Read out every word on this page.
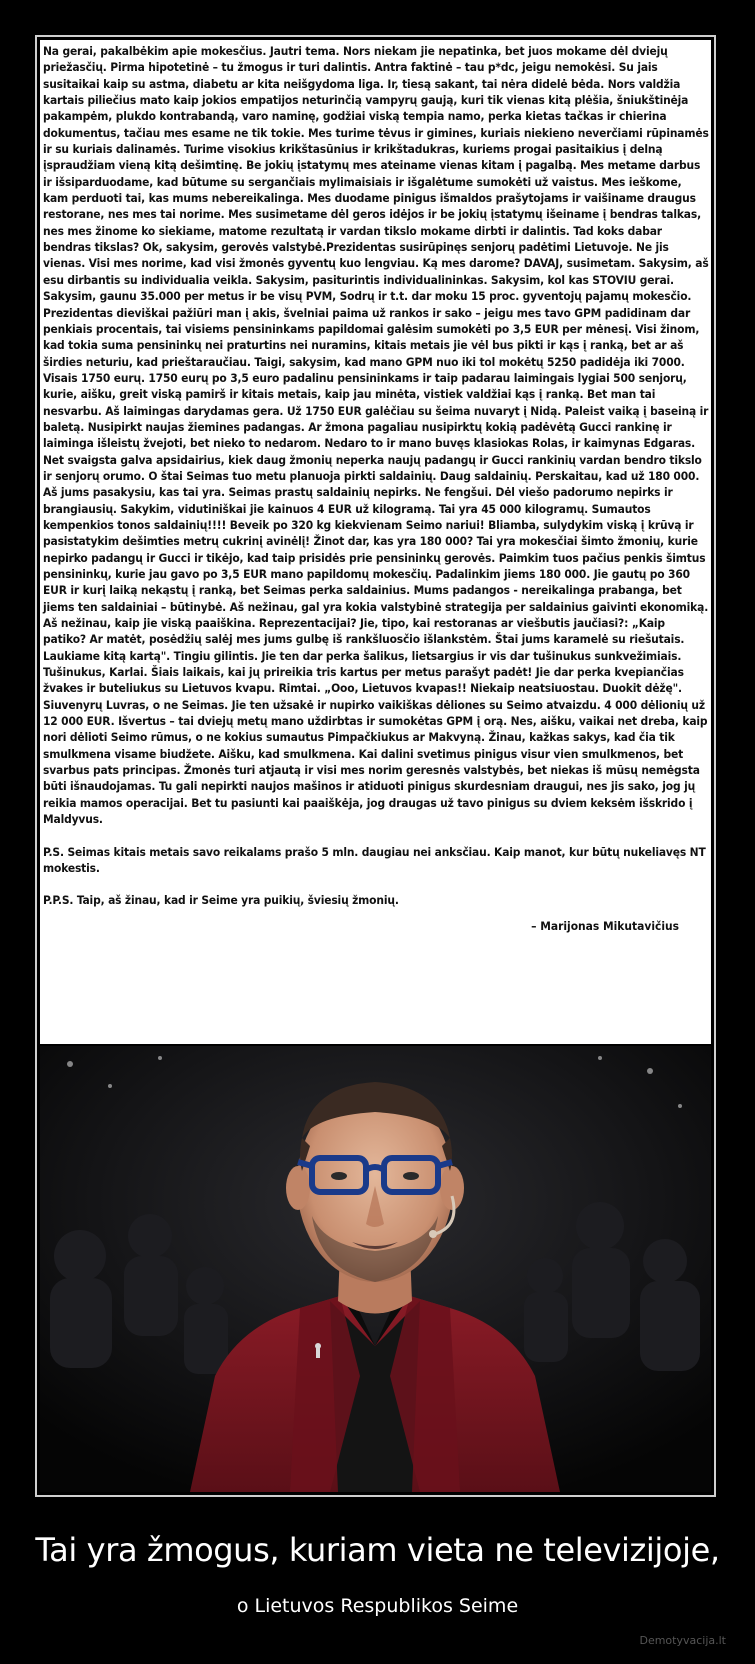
Na gerai, pakalbėkim apie mokesčius. Jautri tema. Nors niekam jie nepatinka, bet juos mokame dėl dviejų priežasčių. Pirma hipotetinė – tu žmogus ir turi dalintis. Antra faktinė – tau p*dc, jeigu nemokėsi. Su jais susitaikai kaip su astma, diabetu ar kita neišgydoma liga. Ir, tiesą sakant, tai nėra didelė bėda. Nors valdžia kartais piliečius mato kaip jokios empatijos neturinčią vampyrų gaują, kuri tik vienas kitą plėšia, šniukštinėja pakampėm, plukdo kontrabandą, varo naminę, godžiai viską tempia namo, perka kietas tačkas ir chierina dokumentus, tačiau mes esame ne tik tokie. Mes turime tėvus ir gimines, kuriais niekieno neverčiami rūpinamės ir su kuriais dalinamės. Turime visokius krikštasūnius ir krikštadukras, kuriems progai pasitaikius į delną įspraudžiam vieną kitą dešimtinę. Be jokių įstatymų mes ateiname vienas kitam į pagalbą. Mes metame darbus ir išsiparduodame, kad būtume su sergančiais mylimaisiais ir išgalėtume sumokėti už vaistus. Mes ieškome, kam perduoti tai, kas mums nebereikalinga. Mes duodame pinigus išmaldos prašytojams ir vaišiname draugus restorane, nes mes tai norime. Mes susimetame dėl geros idėjos ir be jokių įstatymų išeiname į bendras talkas, nes mes žinome ko siekiame, matome rezultatą ir vardan tikslo mokame dirbti ir dalintis. Tad koks dabar bendras tikslas? Ok, sakysim, gerovės valstybė.Prezidentas susirūpinęs senjorų padėtimi Lietuvoje. Ne jis vienas. Visi mes norime, kad visi žmonės gyventų kuo lengviau. Ką mes darome? DAVAJ, susimetam. Sakysim, aš esu dirbantis su individualia veikla. Sakysim, pasiturintis individualininkas. Sakysim, kol kas STOVIU gerai. Sakysim, gaunu 35.000 per metus ir be visų PVM, Sodrų ir t.t. dar moku 15 proc. gyventojų pajamų mokesčio. Prezidentas dieviškai pažiūri man į akis, švelniai paima už rankos ir sako – jeigu mes tavo GPM padidinam dar penkiais procentais, tai visiems pensininkams papildomai galėsim sumokėti po 3,5 EUR per mėnesį. Visi žinom, kad tokia suma pensininkų nei praturtins nei nuramins, kitais metais jie vėl bus pikti ir kąs į ranką, bet ar aš širdies neturiu, kad prieštaraučiau. Taigi, sakysim, kad mano GPM nuo iki tol mokėtų 5250 padidėja iki 7000. Visais 1750 eurų. 1750 eurų po 3,5 euro padalinu pensininkams ir taip padarau laimingais lygiai 500 senjorų, kurie, aišku, greit viską pamirš ir kitais metais, kaip jau minėta, vistiek valdžiai kąs į ranką. Bet man tai nesvarbu. Aš laimingas darydamas gera. Už 1750 EUR galėčiau su šeima nuvaryt į Nidą. Paleist vaiką į baseiną ir baletą. Nusipirkt naujas žiemines padangas. Ar žmona pagaliau nusipirktų kokią padėvėtą Gucci rankinę ir laiminga išleistų žvejoti, bet nieko to nedarom. Nedaro to ir mano buvęs klasiokas Rolas, ir kaimynas Edgaras. Net svaigsta galva apsidairius, kiek daug žmonių neperka naujų padangų ir Gucci rankinių vardan bendro tikslo ir senjorų orumo. O štai Seimas tuo metu planuoja pirkti saldainių. Daug saldainių. Perskaitau, kad už 180 000. Aš jums pasakysiu, kas tai yra. Seimas prastų saldainių nepirks. Ne fengšui. Dėl viešo padorumo nepirks ir brangiausių. Sakykim, vidutiniškai jie kainuos 4 EUR už kilogramą. Tai yra 45 000 kilogramų. Sumautos kempenkios tonos saldainių!!!! Beveik po 320 kg kiekvienam Seimo nariui! Bliamba, sulydykim viską į krūvą ir pasistatykim dešimties metrų cukrinį avinėlį! Žinot dar, kas yra 180 000? Tai yra mokesčiai šimto žmonių, kurie nepirko padangų ir Gucci ir tikėjo, kad taip prisidės prie pensininkų gerovės. Paimkim tuos pačius penkis šimtus pensininkų, kurie jau gavo po 3,5 EUR mano papildomų mokesčių. Padalinkim jiems 180 000. Jie gautų po 360 EUR ir kurį laiką nekąstų į ranką, bet Seimas perka saldainius. Mums padangos - nereikalinga prabanga, bet jiems ten saldainiai – būtinybė. Aš nežinau, gal yra kokia valstybinė strategija per saldainius gaivinti ekonomiką. Aš nežinau, kaip jie viską paaiškina. Reprezentacijai? Jie, tipo, kai restoranas ar viešbutis jaučiasi?: „Kaip patiko? Ar matėt, posėdžių salėj mes jums gulbę iš rankšluosčio išlankstėm. Štai jums karamelė su riešutais. Laukiame kitą kartą". Tingiu gilintis. Jie ten dar perka šalikus, lietsargius ir vis dar tušinukus sunkvežimiais. Tušinukus, Karlai. Šiais laikais, kai jų prireikia tris kartus per metus parašyt padėt! Jie dar perka kvepiančias žvakes ir buteliukus su Lietuvos kvapu. Rimtai. „Ooo, Lietuvos kvapas!! Niekaip neatsiuostau. Duokit dėžę". Siuvenyrų Luvras, o ne Seimas. Jie ten užsakė ir nupirko vaikiškas dėliones su Seimo atvaizdu. 4 000 dėlionių už 12 000 EUR. Išvertus – tai dviejų metų mano uždirbtas ir sumokėtas GPM į orą. Nes, aišku, vaikai net dreba, kaip nori dėlioti Seimo rūmus, o ne kokius sumautus Pimpačkiukus ar Makvyną. Žinau, kažkas sakys, kad čia tik smulkmena visame biudžete. Aišku, kad smulkmena. Kai dalini svetimus pinigus visur vien smulkmenos, bet svarbus pats principas. Žmonės turi atjautą ir visi mes norim geresnės valstybės, bet niekas iš mūsų nemėgsta būti išnaudojamas. Tu gali nepirkti naujos mašinos ir atiduoti pinigus skurdesniam draugui, nes jis sako, jog jų reikia mamos operacijai. Bet tu pasiunti kai paaiškėja, jog draugas už tavo pinigus su dviem keksėm išskrido į Maldyvus.

P.S. Seimas kitais metais savo reikalams prašo 5 mln. daugiau nei anksčiau. Kaip manot, kur būtų nukeliavęs NT mokestis.

P.P.S. Taip, aš žinau, kad ir Seime yra puikių, šviesių žmonių.

– Marijonas Mikutavičius

Tai yra žmogus, kuriam vieta ne televizijoje,

o Lietuvos Respublikos Seime

Demotyvacija.lt
